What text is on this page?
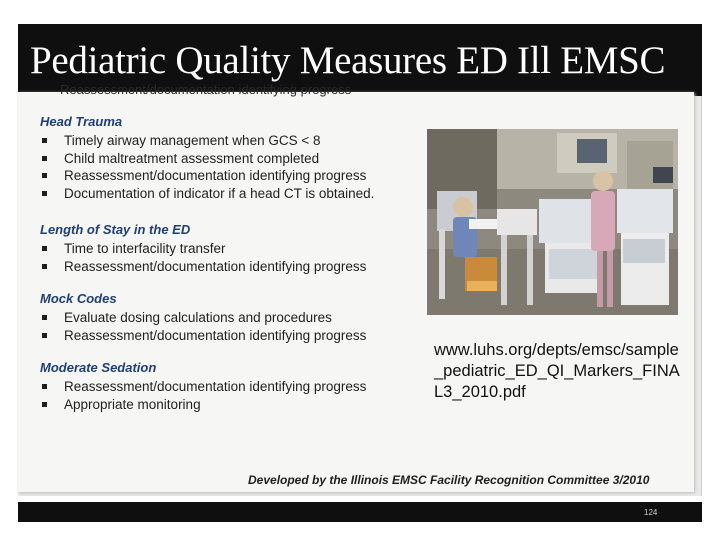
Pediatric Quality Measures ED Ill EMSC
Reassessment/documentation identifying progress
Head Trauma
Timely airway management when GCS < 8
Child maltreatment assessment completed
Reassessment/documentation identifying progress
Documentation of indicator if a head CT is obtained.
Length of Stay in the ED
Time to interfacility transfer
Reassessment/documentation identifying progress
Mock Codes
Evaluate dosing calculations and procedures
Reassessment/documentation identifying progress
Moderate Sedation
Reassessment/documentation identifying progress
Appropriate monitoring
www.luhs.org/depts/emsc/sample_pediatric_ED_QI_Markers_FINAL3_2010.pdf
Developed by the Illinois EMSC Facility Recognition Committee 3/2010
124
